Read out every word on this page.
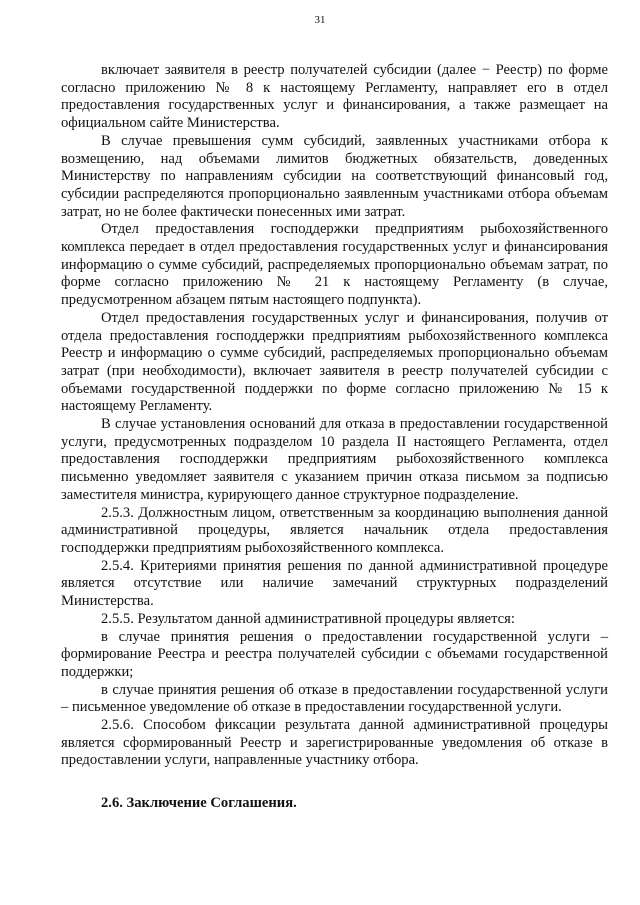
31

включает заявителя в реестр получателей субсидии (далее − Реестр) по форме согласно приложению № 8 к настоящему Регламенту, направляет его в отдел предоставления государственных услуг и финансирования, а также размещает на официальном сайте Министерства.

В случае превышения сумм субсидий, заявленных участниками отбора к возмещению, над объемами лимитов бюджетных обязательств, доведенных Министерству по направлениям субсидии на соответствующий финансовый год, субсидии распределяются пропорционально заявленным участниками отбора объемам затрат, но не более фактически понесенных ими затрат.

Отдел предоставления господдержки предприятиям рыбохозяйственного комплекса передает в отдел предоставления государственных услуг и финансирования информацию о сумме субсидий, распределяемых пропорционально объемам затрат, по форме согласно приложению № 21 к настоящему Регламенту (в случае, предусмотренном абзацем пятым настоящего подпункта).

Отдел предоставления государственных услуг и финансирования, получив от отдела предоставления господдержки предприятиям рыбохозяйственного комплекса Реестр и информацию о сумме субсидий, распределяемых пропорционально объемам затрат (при необходимости), включает заявителя в реестр получателей субсидии с объемами государственной поддержки по форме согласно приложению № 15 к настоящему Регламенту.

В случае установления оснований для отказа в предоставлении государственной услуги, предусмотренных подразделом 10 раздела II настоящего Регламента, отдел предоставления господдержки предприятиям рыбохозяйственного комплекса письменно уведомляет заявителя с указанием причин отказа письмом за подписью заместителя министра, курирующего данное структурное подразделение.

2.5.3. Должностным лицом, ответственным за координацию выполнения данной административной процедуры, является начальник отдела предоставления господдержки предприятиям рыбохозяйственного комплекса.

2.5.4. Критериями принятия решения по данной административной процедуре является отсутствие или наличие замечаний структурных подразделений Министерства.

2.5.5. Результатом данной административной процедуры является:

в случае принятия решения о предоставлении государственной услуги – формирование Реестра и реестра получателей субсидии с объемами государственной поддержки;

в случае принятия решения об отказе в предоставлении государственной услуги – письменное уведомление об отказе в предоставлении государственной услуги.

2.5.6. Способом фиксации результата данной административной процедуры является сформированный Реестр и зарегистрированные уведомления об отказе в предоставлении услуги, направленные участнику отбора.

2.6. Заключение Соглашения.
